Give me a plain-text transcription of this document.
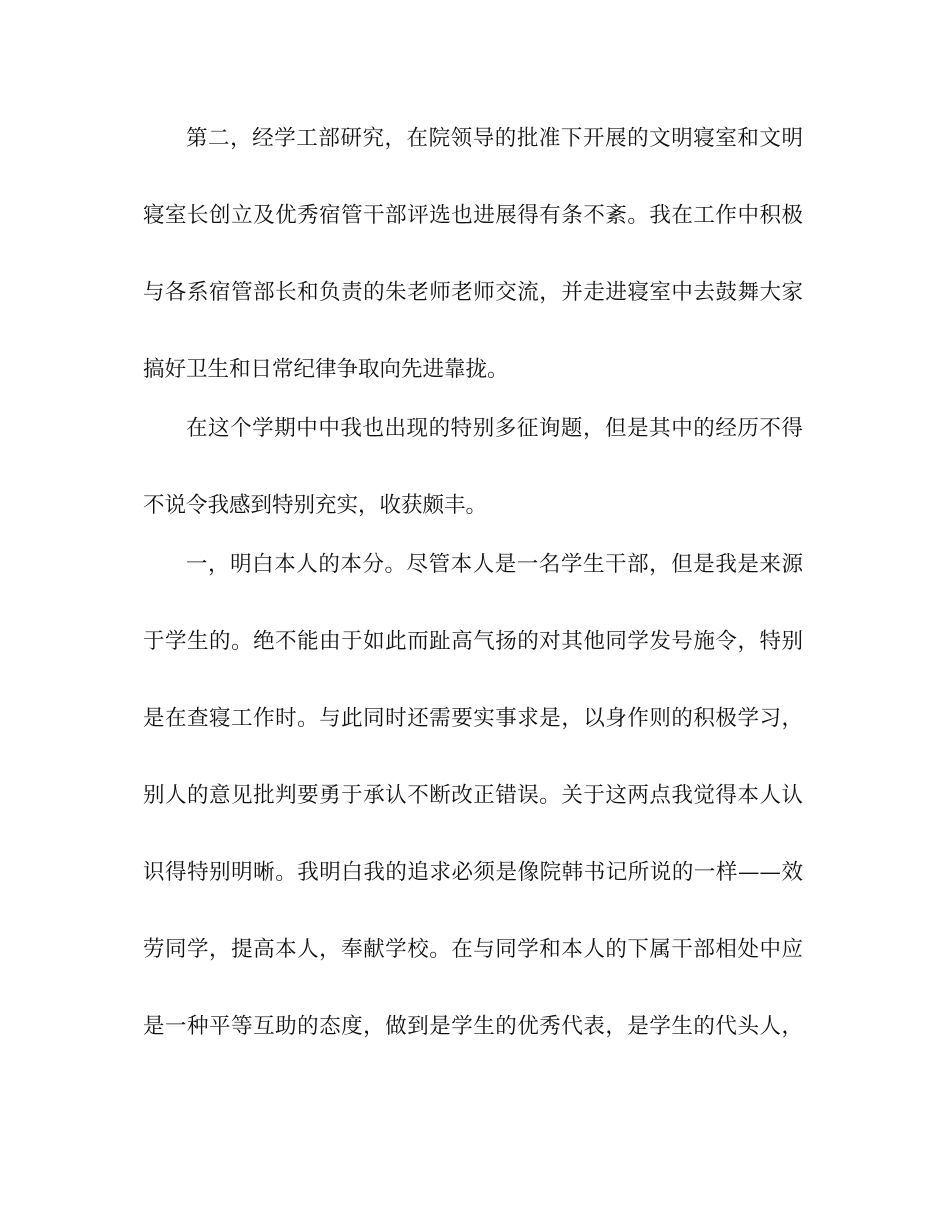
第二，经学工部研究，在院领导的批准下开展的文明寝室和文明
寝室长创立及优秀宿管干部评选也进展得有条不紊。我在工作中积极
与各系宿管部长和负责的朱老师老师交流，并走进寝室中去鼓舞大家
搞好卫生和日常纪律争取向先进靠拢。
在这个学期中中我也出现的特别多征询题，但是其中的经历不得
不说令我感到特别充实，收获颇丰。
一，明白本人的本分。尽管本人是一名学生干部，但是我是来源
于学生的。绝不能由于如此而趾高气扬的对其他同学发号施令，特别
是在查寝工作时。与此同时还需要实事求是，以身作则的积极学习，
别人的意见批判要勇于承认不断改正错误。关于这两点我觉得本人认
识得特别明晰。我明白我的追求必须是像院韩书记所说的一样——效
劳同学，提高本人，奉献学校。在与同学和本人的下属干部相处中应
是一种平等互助的态度，做到是学生的优秀代表，是学生的代头人，
